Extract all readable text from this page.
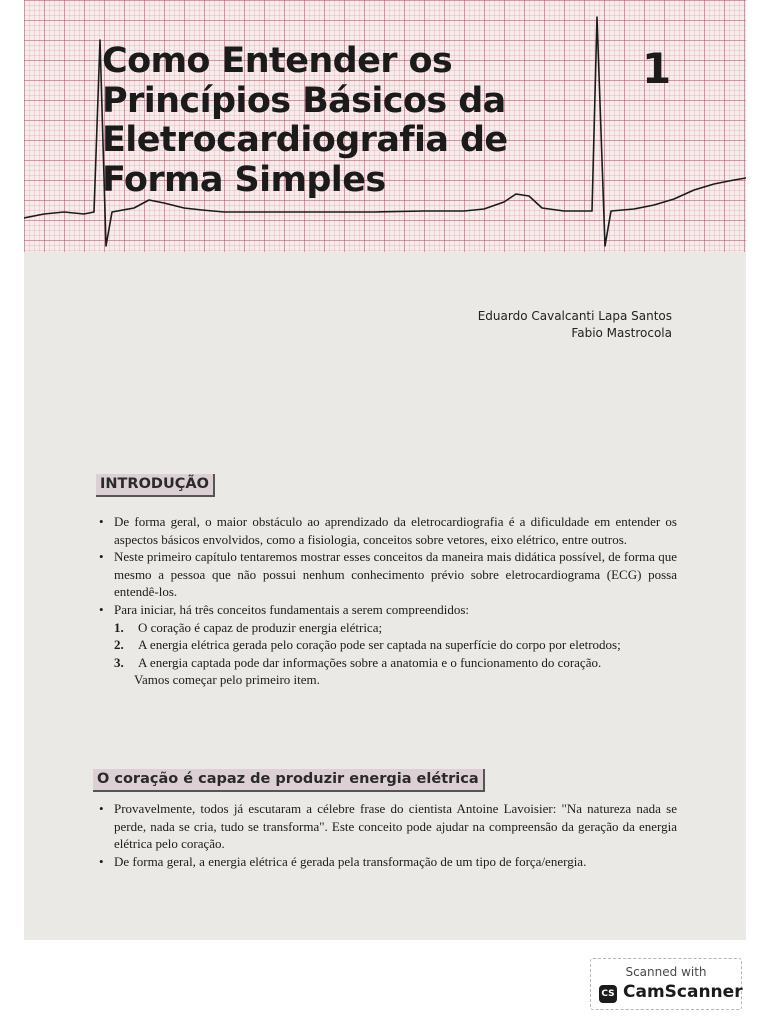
Como Entender os
Princípios Básicos da
Eletrocardiografia de
Forma Simples
1
Eduardo Cavalcanti Lapa Santos
Fabio Mastrocola
INTRODUÇÃO
• De forma geral, o maior obstáculo ao aprendizado da eletrocardiografia é a dificuldade em entender os aspectos básicos envolvidos, como a fisiologia, conceitos sobre vetores, eixo elétrico, entre outros.
• Neste primeiro capítulo tentaremos mostrar esses conceitos da maneira mais didática possível, de forma que mesmo a pessoa que não possui nenhum conhecimento prévio sobre eletrocardiograma (ECG) possa entendê-los.
• Para iniciar, há três conceitos fundamentais a serem compreendidos:
1. O coração é capaz de produzir energia elétrica;
2. A energia elétrica gerada pelo coração pode ser captada na superfície do corpo por eletrodos;
3. A energia captada pode dar informações sobre a anatomia e o funcionamento do coração.
Vamos começar pelo primeiro item.
O coração é capaz de produzir energia elétrica
• Provavelmente, todos já escutaram a célebre frase do cientista Antoine Lavoisier: "Na natureza nada se perde, nada se cria, tudo se transforma". Este conceito pode ajudar na compreensão da geração da energia elétrica pelo coração.
• De forma geral, a energia elétrica é gerada pela transformação de um tipo de força/energia.
Scanned with
CS CamScanner
